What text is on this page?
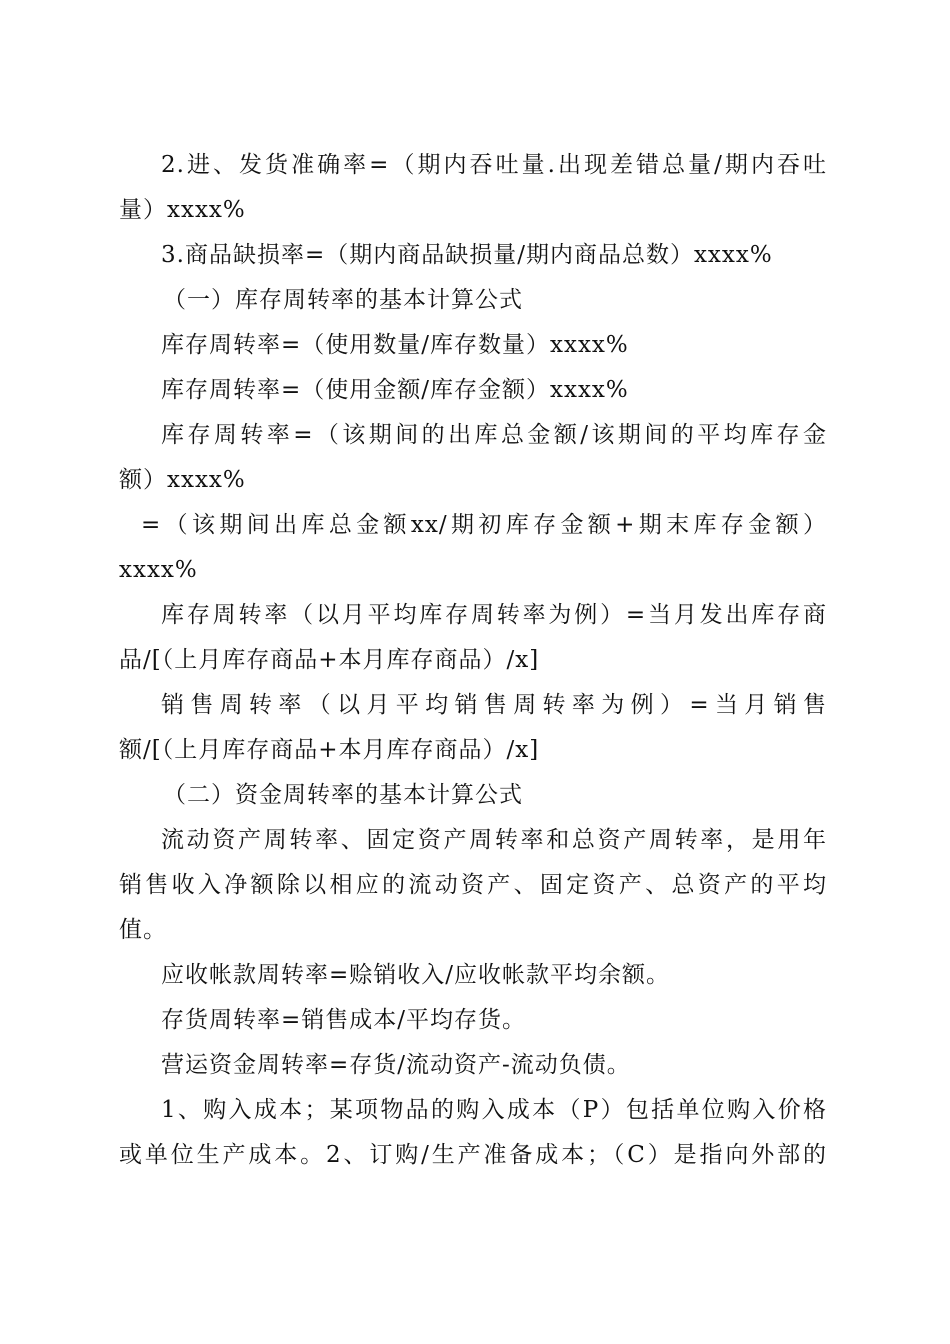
2.进、发货准确率=（期内吞吐量.出现差错总量/期内吞吐
量）xxxx%
3.商品缺损率=（期内商品缺损量/期内商品总数）xxxx%
（一）库存周转率的基本计算公式
库存周转率=（使用数量/库存数量）xxxx%
库存周转率=（使用金额/库存金额）xxxx%
库存周转率=（该期间的出库总金额/该期间的平均库存金
额）xxxx%
=（该期间出库总金额xx/期初库存金额+期末库存金额）
xxxx%
库存周转率（以月平均库存周转率为例）=当月发出库存商
品/[（上月库存商品+本月库存商品）/x]
销售周转率（以月平均销售周转率为例）=当月销售
额/[（上月库存商品+本月库存商品）/x]
（二）资金周转率的基本计算公式
流动资产周转率、固定资产周转率和总资产周转率，是用年
销售收入净额除以相应的流动资产、固定资产、总资产的平均
值。
应收帐款周转率=赊销收入/应收帐款平均余额。
存货周转率=销售成本/平均存货。
营运资金周转率=存货/流动资产-流动负债。
1、购入成本；某项物品的购入成本（P）包括单位购入价格
或单位生产成本。2、订购/生产准备成本；（C）是指向外部的
